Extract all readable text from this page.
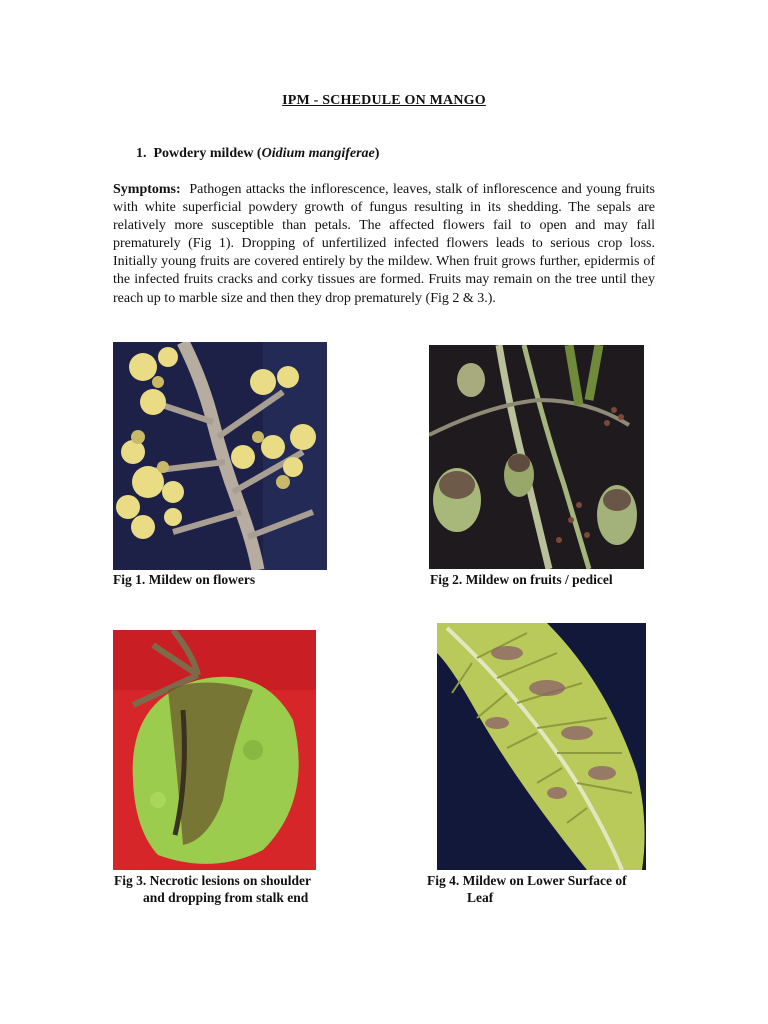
IPM - SCHEDULE ON MANGO
1. Powdery mildew (Oidium mangiferae)

Symptoms: Pathogen attacks the inflorescence, leaves, stalk of inflorescence and young fruits with white superficial powdery growth of fungus resulting in its shedding. The sepals are relatively more susceptible than petals. The affected flowers fail to open and may fall prematurely (Fig 1). Dropping of unfertilized infected flowers leads to serious crop loss. Initially young fruits are covered entirely by the mildew. When fruit grows further, epidermis of the infected fruits cracks and corky tissues are formed. Fruits may remain on the tree until they reach up to marble size and then they drop prematurely (Fig 2 & 3.).

Fig 1. Mildew on flowers	Fig 2. Mildew on fruits / pedicel
Fig 3. Necrotic lesions on shoulder
and dropping from stalk end
Fig 4. Mildew on Lower Surface of
Leaf
